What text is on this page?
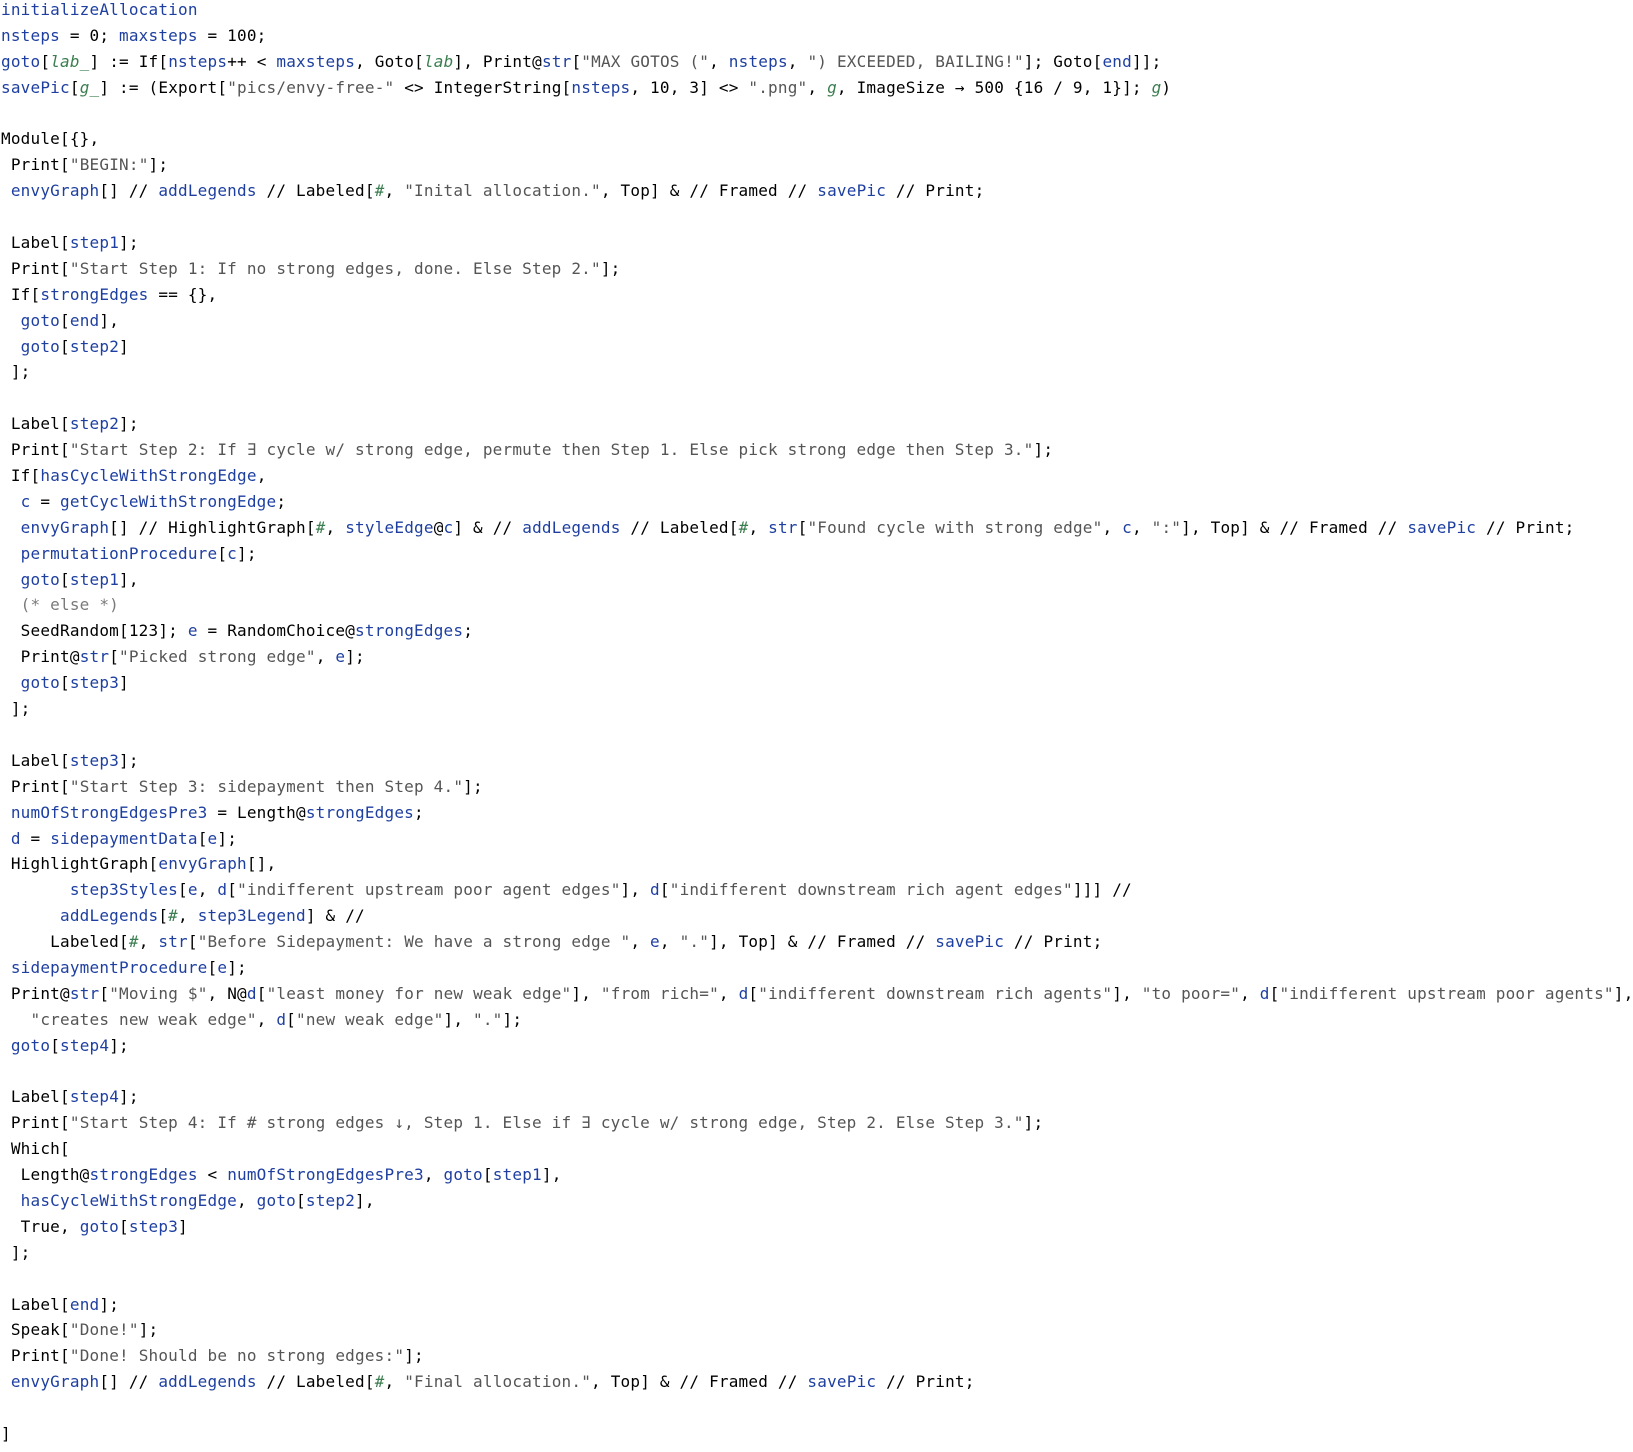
initializeAllocation
nsteps = 0; maxsteps = 100;
goto[lab_] := If[nsteps++ < maxsteps, Goto[lab], Print@str["MAX GOTOS (", nsteps, ") EXCEEDED, BAILING!"]; Goto[end]];
savePic[g_] := (Export["pics/envy-free-" <> IntegerString[nsteps, 10, 3] <> ".png", g, ImageSize → 500 {16 / 9, 1}]; g)

Module[{},
Print["BEGIN:"];
envyGraph[] // addLegends // Labeled[#, "Inital allocation.", Top] & // Framed // savePic // Print;

Label[step1];
Print["Start Step 1: If no strong edges, done. Else Step 2."];
If[strongEdges == {},
goto[end],
goto[step2]
];

Label[step2];
Print["Start Step 2: If ∃ cycle w/ strong edge, permute then Step 1. Else pick strong edge then Step 3."];
If[hasCycleWithStrongEdge,
c = getCycleWithStrongEdge;
envyGraph[] // HighlightGraph[#, styleEdge@c] & // addLegends // Labeled[#, str["Found cycle with strong edge", c, ":"], Top] & // Framed // savePic // Print;
permutationProcedure[c];
goto[step1],
(* else *)
SeedRandom[123]; e = RandomChoice@strongEdges;
Print@str["Picked strong edge", e];
goto[step3]
];

Label[step3];
Print["Start Step 3: sidepayment then Step 4."];
numOfStrongEdgesPre3 = Length@strongEdges;
d = sidepaymentData[e];
HighlightGraph[envyGraph[],
step3Styles[e, d["indifferent upstream poor agent edges"], d["indifferent downstream rich agent edges"]]] //
addLegends[#, step3Legend] & //
Labeled[#, str["Before Sidepayment: We have a strong edge ", e, "."], Top] & // Framed // savePic // Print;
sidepaymentProcedure[e];
Print@str["Moving $", N@d["least money for new weak edge"], "from rich=", d["indifferent downstream rich agents"], "to poor=", d["indifferent upstream poor agents"],
"creates new weak edge", d["new weak edge"], "."];
goto[step4];

Label[step4];
Print["Start Step 4: If # strong edges ↓, Step 1. Else if ∃ cycle w/ strong edge, Step 2. Else Step 3."];
Which[
Length@strongEdges < numOfStrongEdgesPre3, goto[step1],
hasCycleWithStrongEdge, goto[step2],
True, goto[step3]
];

Label[end];
Speak["Done!"];
Print["Done! Should be no strong edges:"];
envyGraph[] // addLegends // Labeled[#, "Final allocation.", Top] & // Framed // savePic // Print;

]
